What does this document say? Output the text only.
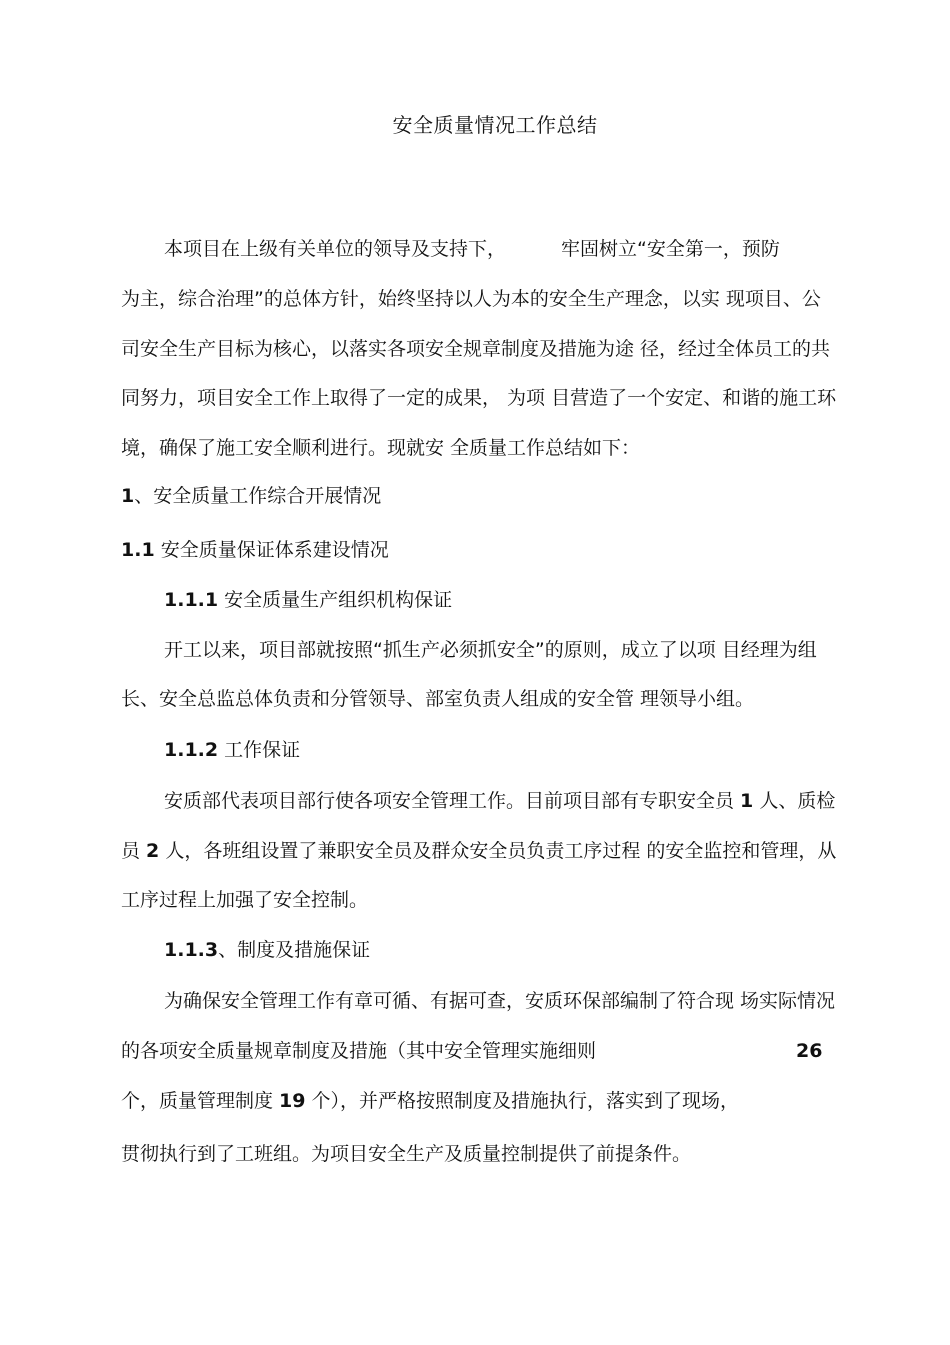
安全质量情况工作总结
本项目在上级有关单位的领导及支持下，	牢固树立“安全第一，预防
为主，综合治理”的总体方针，始终坚持以人为本的安全生产理念，以实 现项目、公
司安全生产目标为核心，以落实各项安全规章制度及措施为途 径，经过全体员工的共
同努力，项目安全工作上取得了一定的成果， 为项 目营造了一个安定、和谐的施工环
境，确保了施工安全顺利进行。现就安 全质量工作总结如下：
1、安全质量工作综合开展情况
1.1 安全质量保证体系建设情况
1.1.1 安全质量生产组织机构保证
开工以来，项目部就按照“抓生产必须抓安全”的原则，成立了以项 目经理为组
长、安全总监总体负责和分管领导、部室负责人组成的安全管 理领导小组。
1.1.2 工作保证
安质部代表项目部行使各项安全管理工作。目前项目部有专职安全员 1 人、质检
员 2 人，各班组设置了兼职安全员及群众安全员负责工序过程 的安全监控和管理，从
工序过程上加强了安全控制。
1.1.3、制度及措施保证
为确保安全管理工作有章可循、有据可查，安质环保部编制了符合现 场实际情况
的各项安全质量规章制度及措施（其中安全管理实施细则	26
个，质量管理制度 19 个），并严格按照制度及措施执行，落实到了现场，
贯彻执行到了工班组。为项目安全生产及质量控制提供了前提条件。
